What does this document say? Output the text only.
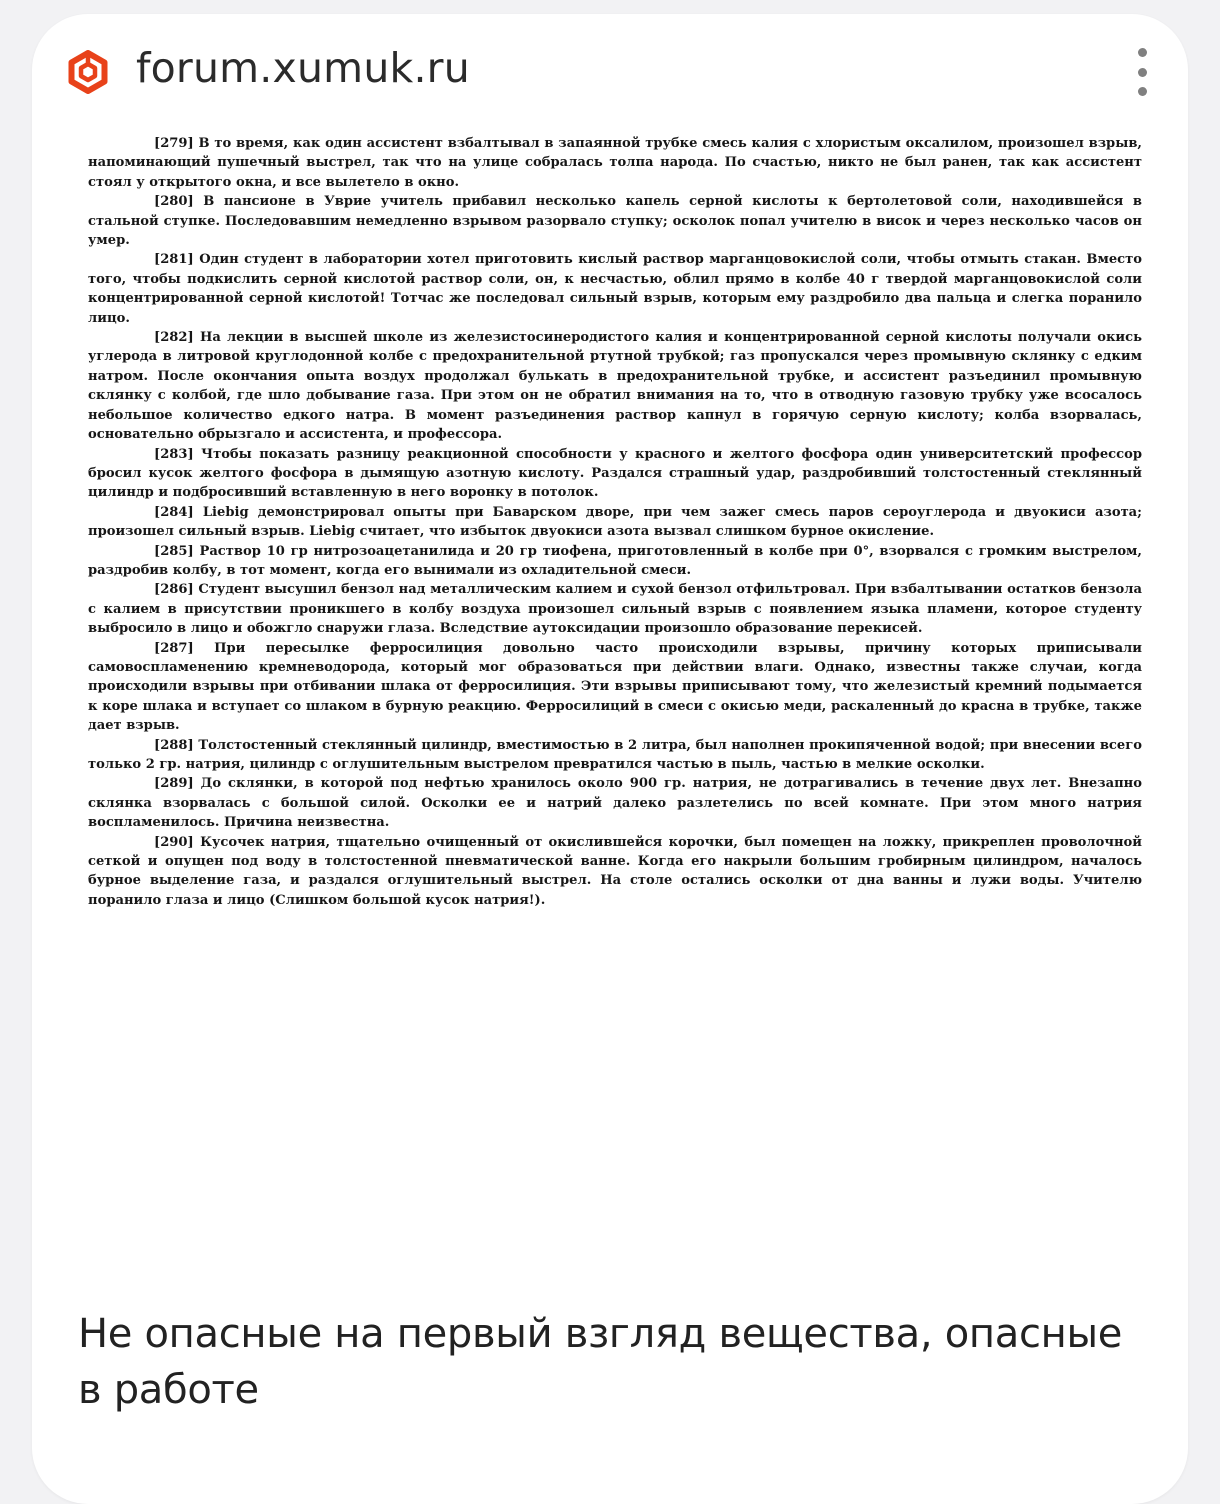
forum.xumuk.ru

[279] В то время, как один ассистент взбалтывал в запаянной трубке смесь калия с хлористым оксалилом, произошел взрыв, напоминающий пушечный выстрел, так что на улице собралась толпа народа. По счастью, никто не был ранен, так как ассистент стоял у открытого окна, и все вылетело в окно.

[280] В пансионе в Уврие учитель прибавил несколько капель серной кислоты к бертолетовой соли, находившейся в стальной ступке. Последовавшим немедленно взрывом разорвало ступку; осколок попал учителю в висок и через несколько часов он умер.

[281] Один студент в лаборатории хотел приготовить кислый раствор марганцовокислой соли, чтобы отмыть стакан. Вместо того, чтобы подкислить серной кислотой раствор соли, он, к несчастью, облил прямо в колбе 40 г твердой марганцовокислой соли концентрированной серной кислотой! Тотчас же последовал сильный взрыв, которым ему раздробило два пальца и слегка поранило лицо.

[282] На лекции в высшей школе из железистосинеродистого калия и концентрированной серной кислоты получали окись углерода в литровой круглодонной колбе с предохранительной ртутной трубкой; газ пропускался через промывную склянку с едким натром. После окончания опыта воздух продолжал булькать в предохранительной трубке, и ассистент разъединил промывную склянку с колбой, где шло добывание газа. При этом он не обратил внимания на то, что в отводную газовую трубку уже всосалось небольшое количество едкого натра. В момент разъединения раствор капнул в горячую серную кислоту; колба взорвалась, основательно обрызгало и ассистента, и профессора.

[283] Чтобы показать разницу реакционной способности у красного и желтого фосфора один университетский профессор бросил кусок желтого фосфора в дымящую азотную кислоту. Раздался страшный удар, раздробивший толстостенный стеклянный цилиндр и подбросивший вставленную в него воронку в потолок.

[284] Liebig демонстрировал опыты при Баварском дворе, при чем зажег смесь паров сероуглерода и двуокиси азота; произошел сильный взрыв. Liebig считает, что избыток двуокиси азота вызвал слишком бурное окисление.

[285] Раствор 10 гр нитрозоацетанилида и 20 гр тиофена, приготовленный в колбе при 0°, взорвался с громким выстрелом, раздробив колбу, в тот момент, когда его вынимали из охладительной смеси.

[286] Студент высушил бензол над металлическим калием и сухой бензол отфильтровал. При взбалтывании остатков бензола с калием в присутствии проникшего в колбу воздуха произошел сильный взрыв с появлением языка пламени, которое студенту выбросило в лицо и обожгло снаружи глаза. Вследствие аутоксидации произошло образование перекисей.

[287] При пересылке ферросилиция довольно часто происходили взрывы, причину которых приписывали самовоспламенению кремневодорода, который мог образоваться при действии влаги. Однако, известны также случаи, когда происходили взрывы при отбивании шлака от ферросилиция. Эти взрывы приписывают тому, что железистый кремний подымается к коре шлака и вступает со шлаком в бурную реакцию. Ферросилиций в смеси с окисью меди, раскаленный до красна в трубке, также дает взрыв.

[288] Толстостенный стеклянный цилиндр, вместимостью в 2 литра, был наполнен прокипяченной водой; при внесении всего только 2 гр. натрия, цилиндр с оглушительным выстрелом превратился частью в пыль, частью в мелкие осколки.

[289] До склянки, в которой под нефтью хранилось около 900 гр. натрия, не дотрагивались в течение двух лет. Внезапно склянка взорвалась с большой силой. Осколки ее и натрий далеко разлетелись по всей комнате. При этом много натрия воспламенилось. Причина неизвестна.

[290] Кусочек натрия, тщательно очищенный от окислившейся корочки, был помещен на ложку, прикреплен проволочной сеткой и опущен под воду в толстостенной пневматической ванне. Когда его накрыли большим гробирным цилиндром, началось бурное выделение газа, и раздался оглушительный выстрел. На столе остались осколки от дна ванны и лужи воды. Учителю поранило глаза и лицо (Слишком большой кусок натрия!).

Не опасные на первый взгляд вещества, опасные в работе
